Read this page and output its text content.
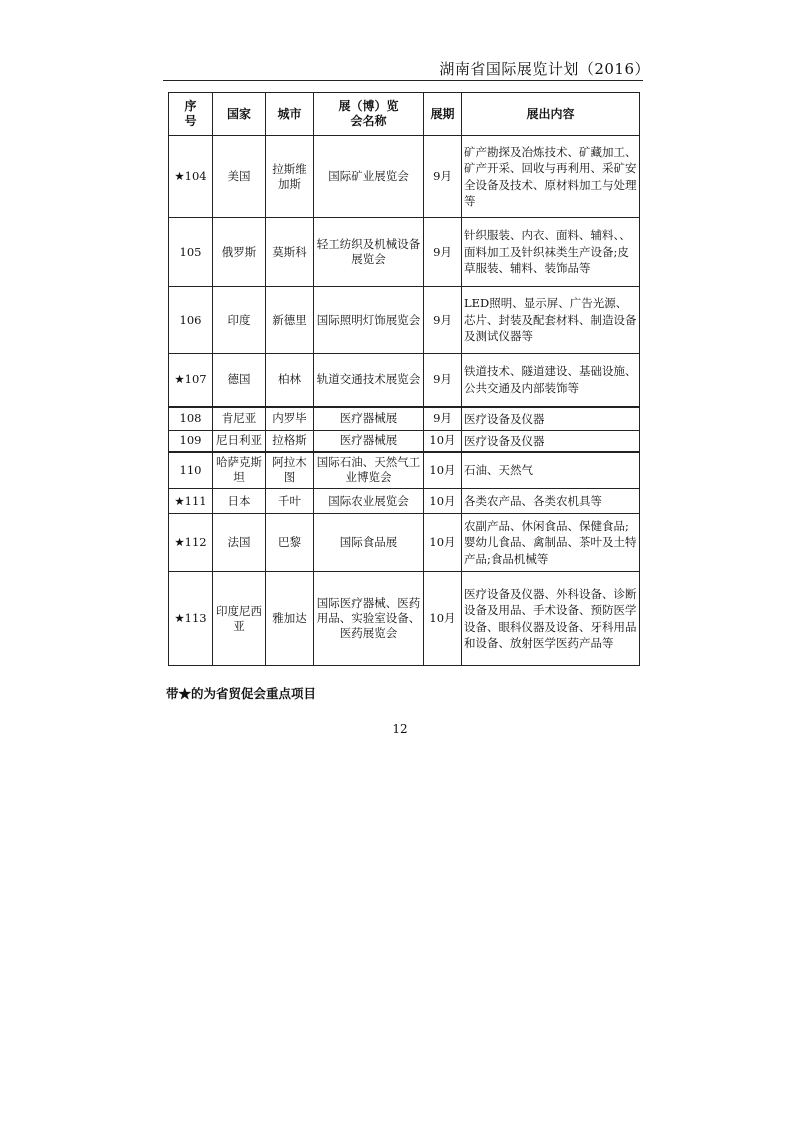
湖南省国际展览计划（2016）
序号	国家	城市	展（博）览会名称	展期	展出内容
★104	美国	拉斯维加斯	国际矿业展览会	9月	矿产勘探及冶炼技术、矿藏加工、矿产开采、回收与再利用、采矿安全设备及技术、原材料加工与处理等
105	俄罗斯	莫斯科	轻工纺织及机械设备展览会	9月	针织服装、内衣、面料、辅料、、面料加工及针织袜类生产设备;皮草服装、辅料、装饰品等
106	印度	新德里	国际照明灯饰展览会	9月	LED照明、显示屏、广告光源、芯片、封装及配套材料、制造设备及测试仪器等
★107	德国	柏林	轨道交通技术展览会	9月	铁道技术、隧道建设、基础设施、公共交通及内部装饰等
108	肯尼亚	内罗毕	医疗器械展	9月	医疗设备及仪器
109	尼日利亚	拉格斯	医疗器械展	10月	医疗设备及仪器
110	哈萨克斯坦	阿拉木图	国际石油、天然气工业博览会	10月	石油、天然气
★111	日本	千叶	国际农业展览会	10月	各类农产品、各类农机具等
★112	法国	巴黎	国际食品展	10月	农副产品、休闲食品、保健食品;婴幼儿食品、禽制品、茶叶及土特产品;食品机械等
★113	印度尼西亚	雅加达	国际医疗器械、医药用品、实验室设备、医药展览会	10月	医疗设备及仪器、外科设备、诊断设备及用品、手术设备、预防医学设备、眼科仪器及设备、牙科用品和设备、放射医学医药产品等
带★的为省贸促会重点项目
12
